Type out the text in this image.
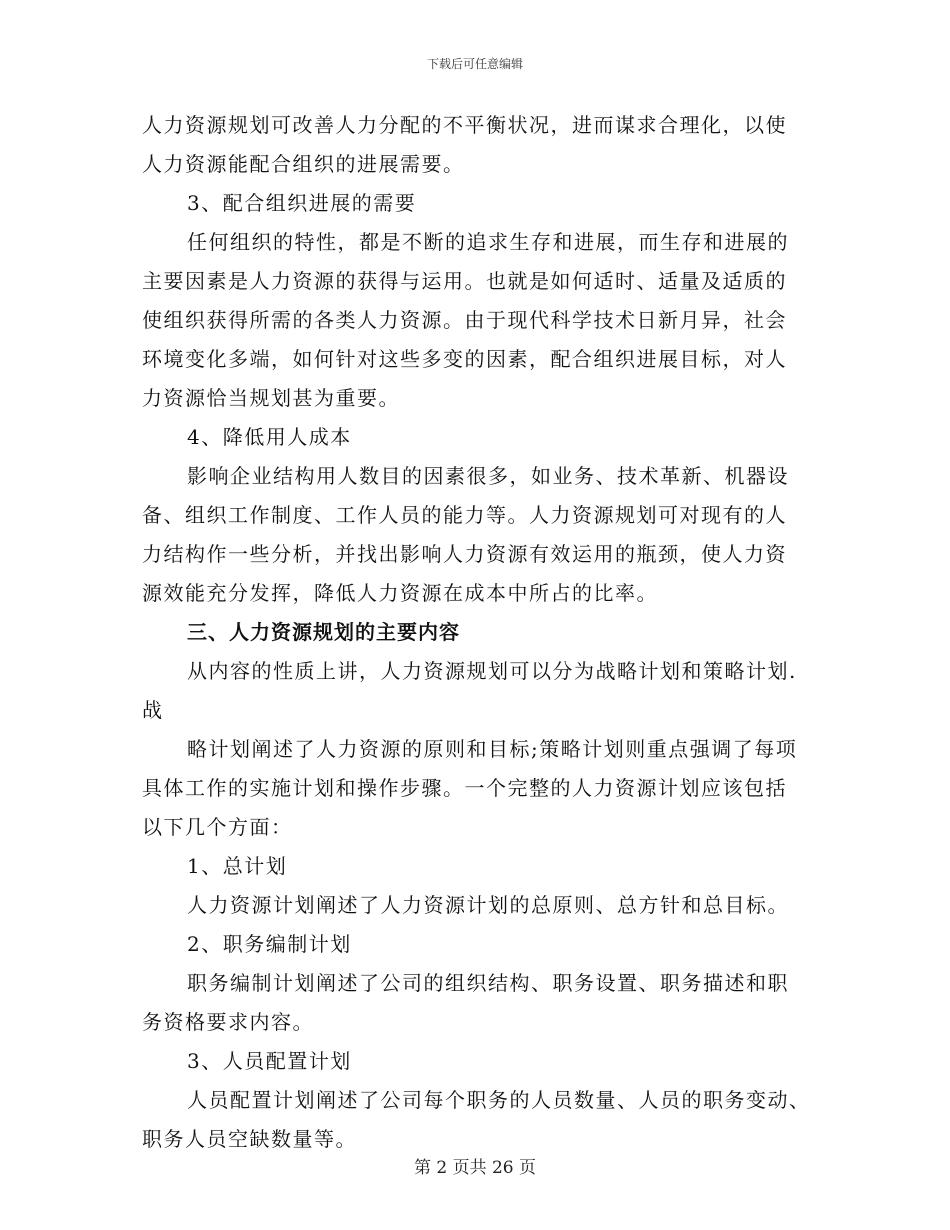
下载后可任意编辑
人力资源规划可改善人力分配的不平衡状况，进而谋求合理化，以使
人力资源能配合组织的进展需要。
3、配合组织进展的需要
任何组织的特性，都是不断的追求生存和进展，而生存和进展的
主要因素是人力资源的获得与运用。也就是如何适时、适量及适质的
使组织获得所需的各类人力资源。由于现代科学技术日新月异，社会
环境变化多端，如何针对这些多变的因素，配合组织进展目标，对人
力资源恰当规划甚为重要。
4、降低用人成本
影响企业结构用人数目的因素很多，如业务、技术革新、机器设
备、组织工作制度、工作人员的能力等。人力资源规划可对现有的人
力结构作一些分析，并找出影响人力资源有效运用的瓶颈，使人力资
源效能充分发挥，降低人力资源在成本中所占的比率。
三、人力资源规划的主要内容
从内容的性质上讲，人力资源规划可以分为战略计划和策略计划.
战
略计划阐述了人力资源的原则和目标;策略计划则重点强调了每项
具体工作的实施计划和操作步骤。一个完整的人力资源计划应该包括
以下几个方面：
1、总计划
人力资源计划阐述了人力资源计划的总原则、总方针和总目标。
2、职务编制计划
职务编制计划阐述了公司的组织结构、职务设置、职务描述和职
务资格要求内容。
3、人员配置计划
人员配置计划阐述了公司每个职务的人员数量、人员的职务变动、
职务人员空缺数量等。
第 2 页共 26 页
